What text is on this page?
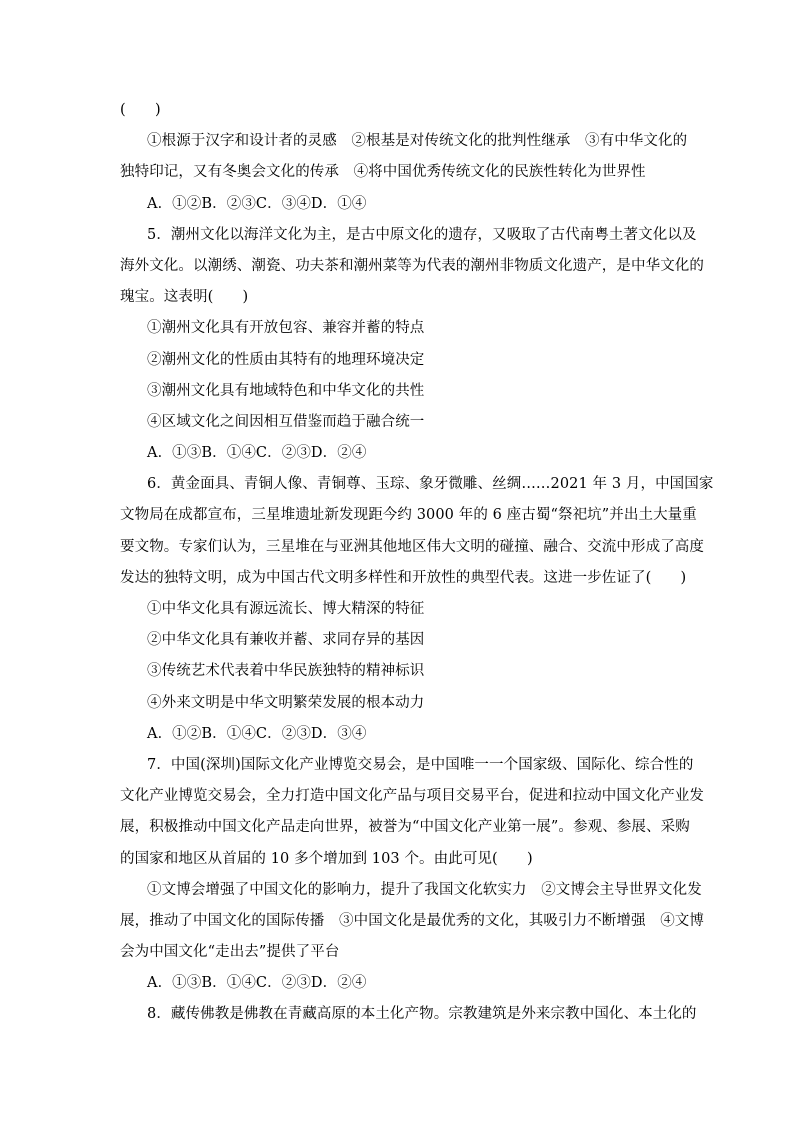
(　　)
①根源于汉字和设计者的灵感　②根基是对传统文化的批判性继承　③有中华文化的
独特印记，又有冬奥会文化的传承　④将中国优秀传统文化的民族性转化为世界性
A．①②B．②③C．③④D．①④
5．潮州文化以海洋文化为主，是古中原文化的遗存，又吸取了古代南粤土著文化以及
海外文化。以潮绣、潮瓷、功夫茶和潮州菜等为代表的潮州非物质文化遗产，是中华文化的
瑰宝。这表明(　　)
①潮州文化具有开放包容、兼容并蓄的特点
②潮州文化的性质由其特有的地理环境决定
③潮州文化具有地域特色和中华文化的共性
④区域文化之间因相互借鉴而趋于融合统一
A．①③B．①④C．②③D．②④
6．黄金面具、青铜人像、青铜尊、玉琮、象牙微雕、丝绸……2021 年 3 月，中国国家
文物局在成都宣布，三星堆遗址新发现距今约 3000 年的 6 座古蜀“祭祀坑”并出土大量重
要文物。专家们认为，三星堆在与亚洲其他地区伟大文明的碰撞、融合、交流中形成了高度
发达的独特文明，成为中国古代文明多样性和开放性的典型代表。这进一步佐证了(　　)
①中华文化具有源远流长、博大精深的特征
②中华文化具有兼收并蓄、求同存异的基因
③传统艺术代表着中华民族独特的精神标识
④外来文明是中华文明繁荣发展的根本动力
A．①②B．①④C．②③D．③④
7．中国(深圳)国际文化产业博览交易会，是中国唯一一个国家级、国际化、综合性的
文化产业博览交易会，全力打造中国文化产品与项目交易平台，促进和拉动中国文化产业发
展，积极推动中国文化产品走向世界，被誉为“中国文化产业第一展”。参观、参展、采购
的国家和地区从首届的 10 多个增加到 103 个。由此可见(　　)
①文博会增强了中国文化的影响力，提升了我国文化软实力　②文博会主导世界文化发
展，推动了中国文化的国际传播　③中国文化是最优秀的文化，其吸引力不断增强　④文博
会为中国文化“走出去”提供了平台
A．①③B．①④C．②③D．②④
8．藏传佛教是佛教在青藏高原的本土化产物。宗教建筑是外来宗教中国化、本土化的
